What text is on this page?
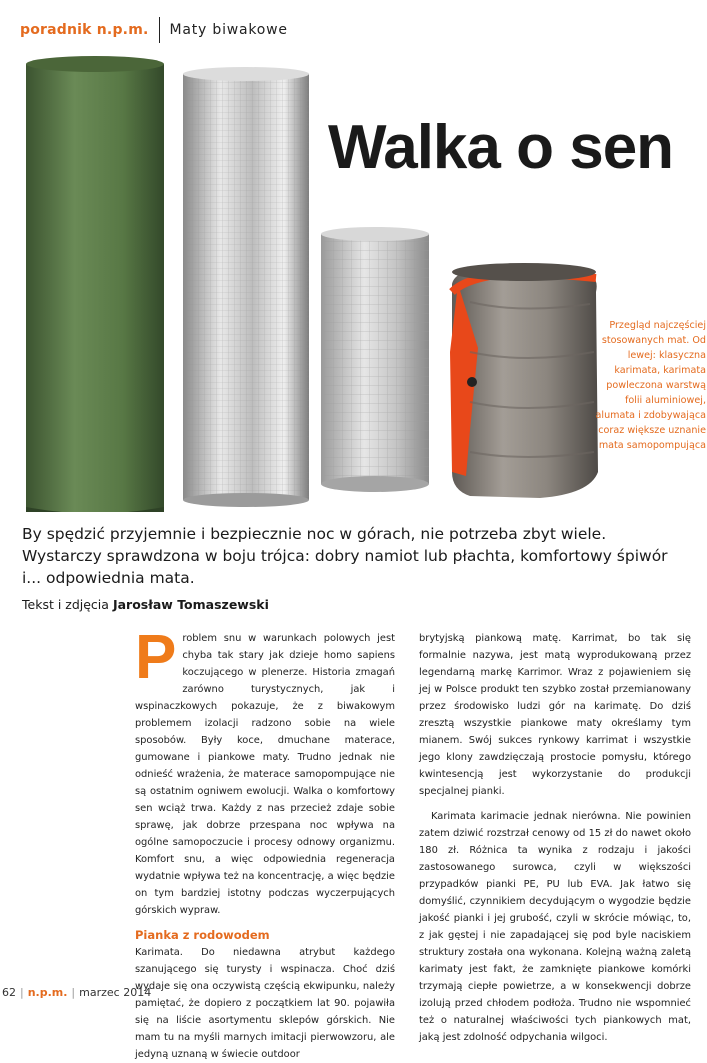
poradnik n.p.m. Maty biwakowe
Walka o sen
Przegląd najczęściej stosowanych mat. Od lewej: klasyczna karimata, karimata powleczona warstwą folii aluminiowej, alumata i zdobywająca coraz większe uznanie mata samopompująca
By spędzić przyjemnie i bezpiecznie noc w górach, nie potrzeba zbyt wiele. Wystarczy sprawdzona w boju trójca: dobry namiot lub płachta, komfortowy śpiwór i... odpowiednia mata.
Tekst i zdjęcia Jarosław Tomaszewski

P roblem snu w warunkach polowych jest chyba tak stary jak dzieje homo sapiens koczującego w plenerze. Historia zmagań zarówno turystycznych, jak i wspinaczkowych pokazuje, że z biwakowym problemem izolacji radzono sobie na wiele sposobów. Były koce, dmuchane materace, gumowane i piankowe maty. Trudno jednak nie odnieść wrażenia, że materace samopompujące nie są ostatnim ogniwem ewolucji. Walka o komfortowy sen wciąż trwa. Każdy z nas przecież zdaje sobie sprawę, jak dobrze przespana noc wpływa na ogólne samopoczucie i procesy odnowy organizmu. Komfort snu, a więc odpowiednia regeneracja wydatnie wpływa też na koncentrację, a więc będzie on tym bardziej istotny podczas wyczerpujących górskich wypraw.

Pianka z rodowodem

Karimata. Do niedawna atrybut każdego szanującego się turysty i wspinacza. Choć dziś wydaje się ona oczywistą częścią ekwipunku, należy pamiętać, że dopiero z początkiem lat 90. pojawiła się na liście asortymentu sklepów górskich. Nie mam tu na myśli marnych imitacji pierwowzoru, ale jedyną uznaną w świecie outdoor

brytyjską piankową matę. Karrimat, bo tak się formalnie nazywa, jest matą wyprodukowaną przez legendarną markę Karrimor. Wraz z pojawieniem się jej w Polsce produkt ten szybko został przemianowany przez środowisko ludzi gór na karimatę. Do dziś zresztą wszystkie piankowe maty określamy tym mianem. Swój sukces rynkowy karrimat i wszystkie jego klony zawdzięczają prostocie pomysłu, którego kwintesencją jest wykorzystanie do produkcji specjalnej pianki.

Karimata karimacie jednak nierówna. Nie powinien zatem dziwić rozstrzał cenowy od 15 zł do nawet około 180 zł. Różnica ta wynika z rodzaju i jakości zastosowanego surowca, czyli w większości przypadków pianki PE, PU lub EVA. Jak łatwo się domyślić, czynnikiem decydującym o wygodzie będzie jakość pianki i jej grubość, czyli w skrócie mówiąc, to, z jak gęstej i nie zapadającej się pod byle naciskiem struktury została ona wykonana. Kolejną ważną zaletą karimaty jest fakt, że zamknięte piankowe komórki trzymają ciepłe powietrze, a w konsekwencji dobrze izolują przed chłodem podłoża. Trudno nie wspomnieć też o naturalnej właściwości tych piankowych mat, jaką jest zdolność odpychania wilgoci.

62 | n.p.m. | marzec 2014
